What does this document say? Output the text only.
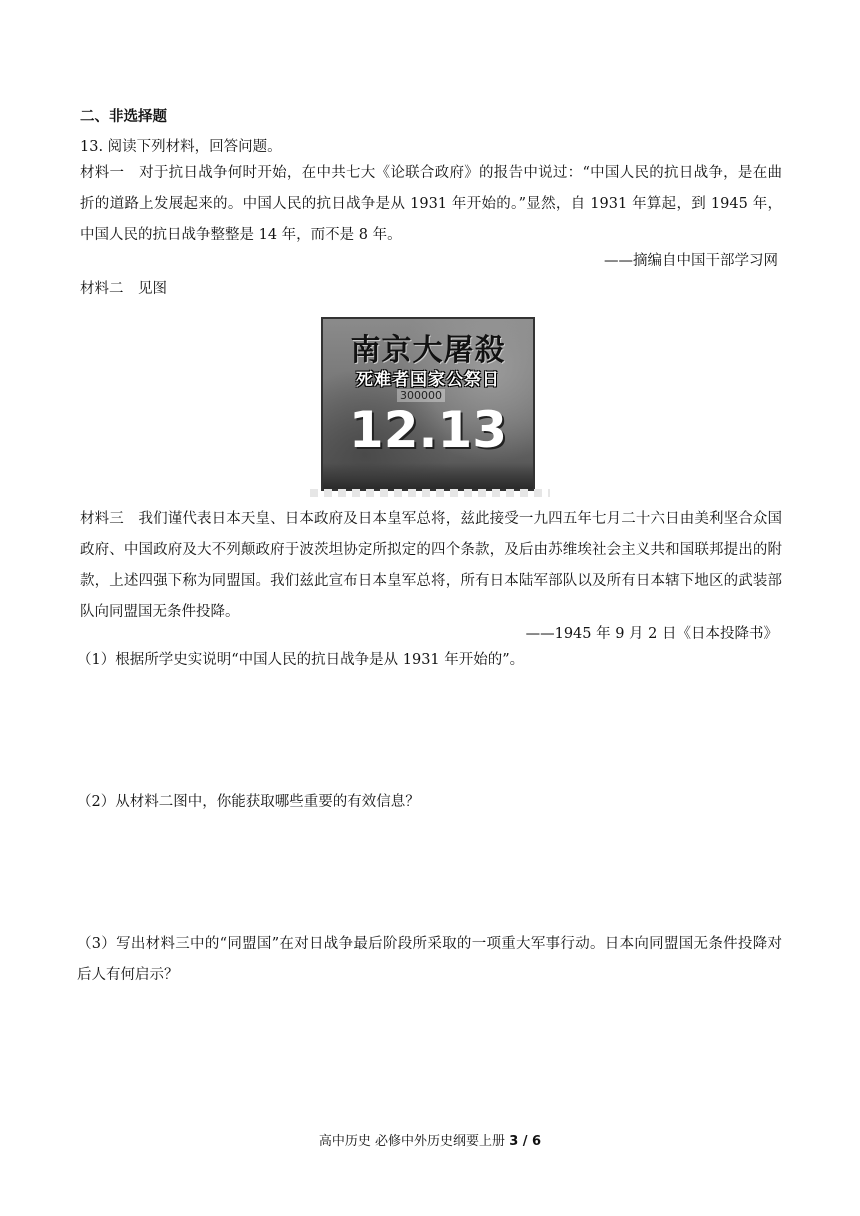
二、非选择题
13. 阅读下列材料，回答问题。
材料一　对于抗日战争何时开始，在中共七大《论联合政府》的报告中说过：“中国人民的抗日战争，是在曲折的道路上发展起来的。中国人民的抗日战争是从 1931 年开始的。”显然，自 1931 年算起，到 1945 年，中国人民的抗日战争整整是 14 年，而不是 8 年。
——摘编自中国干部学习网
材料二　见图
南京大屠殺
死难者国家公祭日
300000
12.13
材料三　我们谨代表日本天皇、日本政府及日本皇军总将，兹此接受一九四五年七月二十六日由美利坚合众国政府、中国政府及大不列颠政府于波茨坦协定所拟定的四个条款，及后由苏维埃社会主义共和国联邦提出的附款，上述四强下称为同盟国。我们兹此宣布日本皇军总将，所有日本陆军部队以及所有日本辖下地区的武装部队向同盟国无条件投降。
——1945 年 9 月 2 日《日本投降书》
（1）根据所学史实说明“中国人民的抗日战争是从 1931 年开始的”。
（2）从材料二图中，你能获取哪些重要的有效信息？
（3）写出材料三中的“同盟国”在对日战争最后阶段所采取的一项重大军事行动。日本向同盟国无条件投降对后人有何启示？
高中历史 必修中外历史纲要上册 3 / 6
